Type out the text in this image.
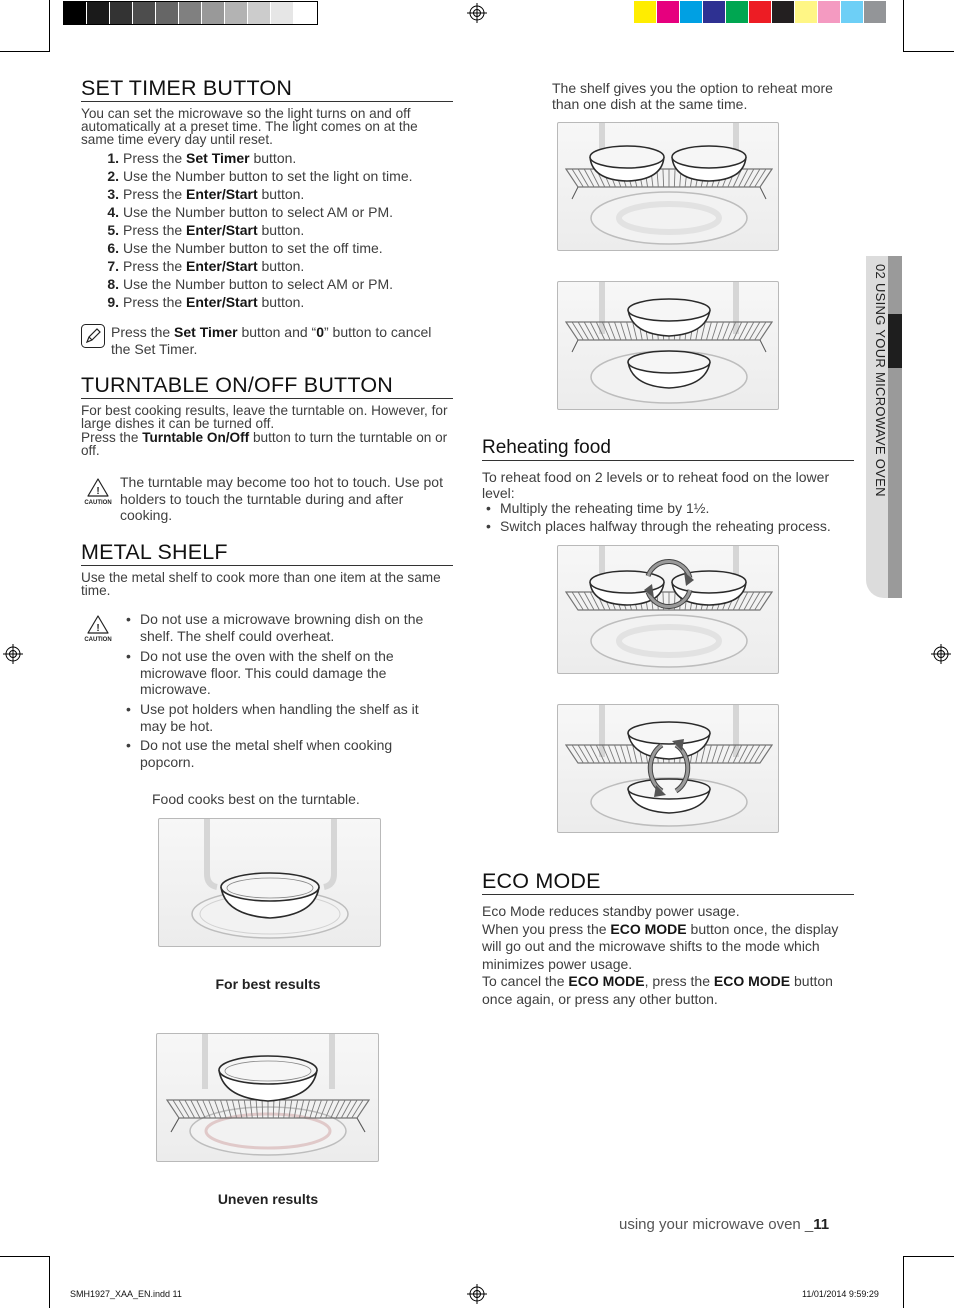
02 USING YOUR MICROWAVE OVEN
SET TIMER BUTTON

You can set the microwave so the light turns on and off automatically at a preset time. The light comes on at the same time every day until reset.

1. Press the Set Timer button.
2. Use the Number button to set the light on time.
3. Press the Enter/Start button.
4. Use the Number button to select AM or PM.
5. Press the Enter/Start button.
6. Use the Number button to set the off time.
7. Press the Enter/Start button.
8. Use the Number button to select AM or PM.
9. Press the Enter/Start button.
Press the Set Timer button and “0” button to cancel the Set Timer.
TURNTABLE ON/OFF BUTTON

For best cooking results, leave the turntable on. However, for large dishes it can be turned off.

Press the Turntable On/Off button to turn the turntable on or off.

!
CAUTION
The turntable may become too hot to touch. Use pot holders to touch the turntable during and after cooking.
METAL SHELF

Use the metal shelf to cook more than one item at the same time.

!
CAUTION
• Do not use a microwave browning dish on the shelf. The shelf could overheat.
• Do not use the oven with the shelf on the microwave floor. This could damage the microwave.
• Use pot holders when handling the shelf as it may be hot.
• Do not use the metal shelf when cooking popcorn.
Food cooks best on the turntable.
For best results
Uneven results

The shelf gives you the option to reheat more than one dish at the same time.

Reheating food

To reheat food on 2 levels or to reheat food on the lower level:

• Multiply the reheating time by 1½.
• Switch places halfway through the reheating process.
ECO MODE
Eco Mode reduces standby power usage.
When you press the ECO MODE button once, the display will go out and the microwave shifts to the mode which minimizes power usage.
To cancel the ECO MODE, press the ECO MODE button once again, or press any other button.
using your microwave oven _11
SMH1927_XAA_EN.indd 11	11/01/2014 9:59:29
